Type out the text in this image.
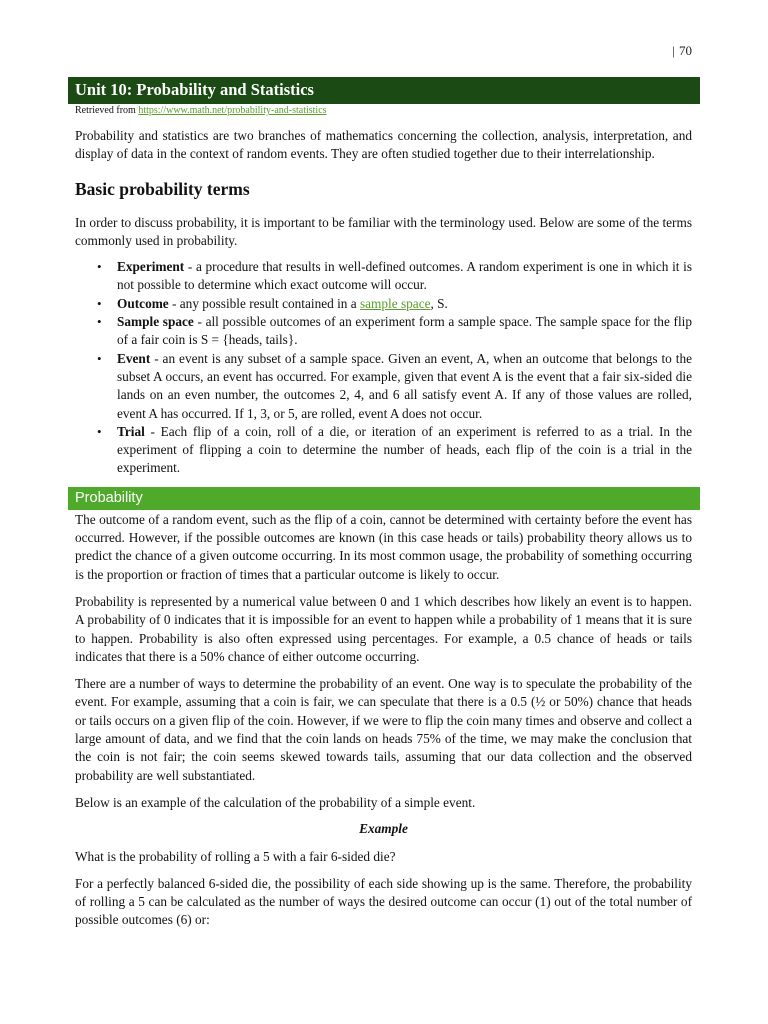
| 70
Unit 10: Probability and Statistics
Retrieved from https://www.math.net/probability-and-statistics

Probability and statistics are two branches of mathematics concerning the collection, analysis, interpretation, and display of data in the context of random events. They are often studied together due to their interrelationship.

Basic probability terms

In order to discuss probability, it is important to be familiar with the terminology used. Below are some of the terms commonly used in probability.

• Experiment - a procedure that results in well-defined outcomes. A random experiment is one in which it is not possible to determine which exact outcome will occur.
• Outcome - any possible result contained in a sample space, S.
• Sample space - all possible outcomes of an experiment form a sample space. The sample space for the flip of a fair coin is S = {heads, tails}.
• Event - an event is any subset of a sample space. Given an event, A, when an outcome that belongs to the subset A occurs, an event has occurred. For example, given that event A is the event that a fair six-sided die lands on an even number, the outcomes 2, 4, and 6 all satisfy event A. If any of those values are rolled, event A has occurred. If 1, 3, or 5, are rolled, event A does not occur.
• Trial - Each flip of a coin, roll of a die, or iteration of an experiment is referred to as a trial. In the experiment of flipping a coin to determine the number of heads, each flip of the coin is a trial in the experiment.
Probability

The outcome of a random event, such as the flip of a coin, cannot be determined with certainty before the event has occurred. However, if the possible outcomes are known (in this case heads or tails) probability theory allows us to predict the chance of a given outcome occurring. In its most common usage, the probability of something occurring is the proportion or fraction of times that a particular outcome is likely to occur.

Probability is represented by a numerical value between 0 and 1 which describes how likely an event is to happen. A probability of 0 indicates that it is impossible for an event to happen while a probability of 1 means that it is sure to happen. Probability is also often expressed using percentages. For example, a 0.5 chance of heads or tails indicates that there is a 50% chance of either outcome occurring.

There are a number of ways to determine the probability of an event. One way is to speculate the probability of the event. For example, assuming that a coin is fair, we can speculate that there is a 0.5 (½ or 50%) chance that heads or tails occurs on a given flip of the coin. However, if we were to flip the coin many times and observe and collect a large amount of data, and we find that the coin lands on heads 75% of the time, we may make the conclusion that the coin is not fair; the coin seems skewed towards tails, assuming that our data collection and the observed probability are well substantiated.

Below is an example of the calculation of the probability of a simple event.

Example

What is the probability of rolling a 5 with a fair 6-sided die?

For a perfectly balanced 6-sided die, the possibility of each side showing up is the same. Therefore, the probability of rolling a 5 can be calculated as the number of ways the desired outcome can occur (1) out of the total number of possible outcomes (6) or:
